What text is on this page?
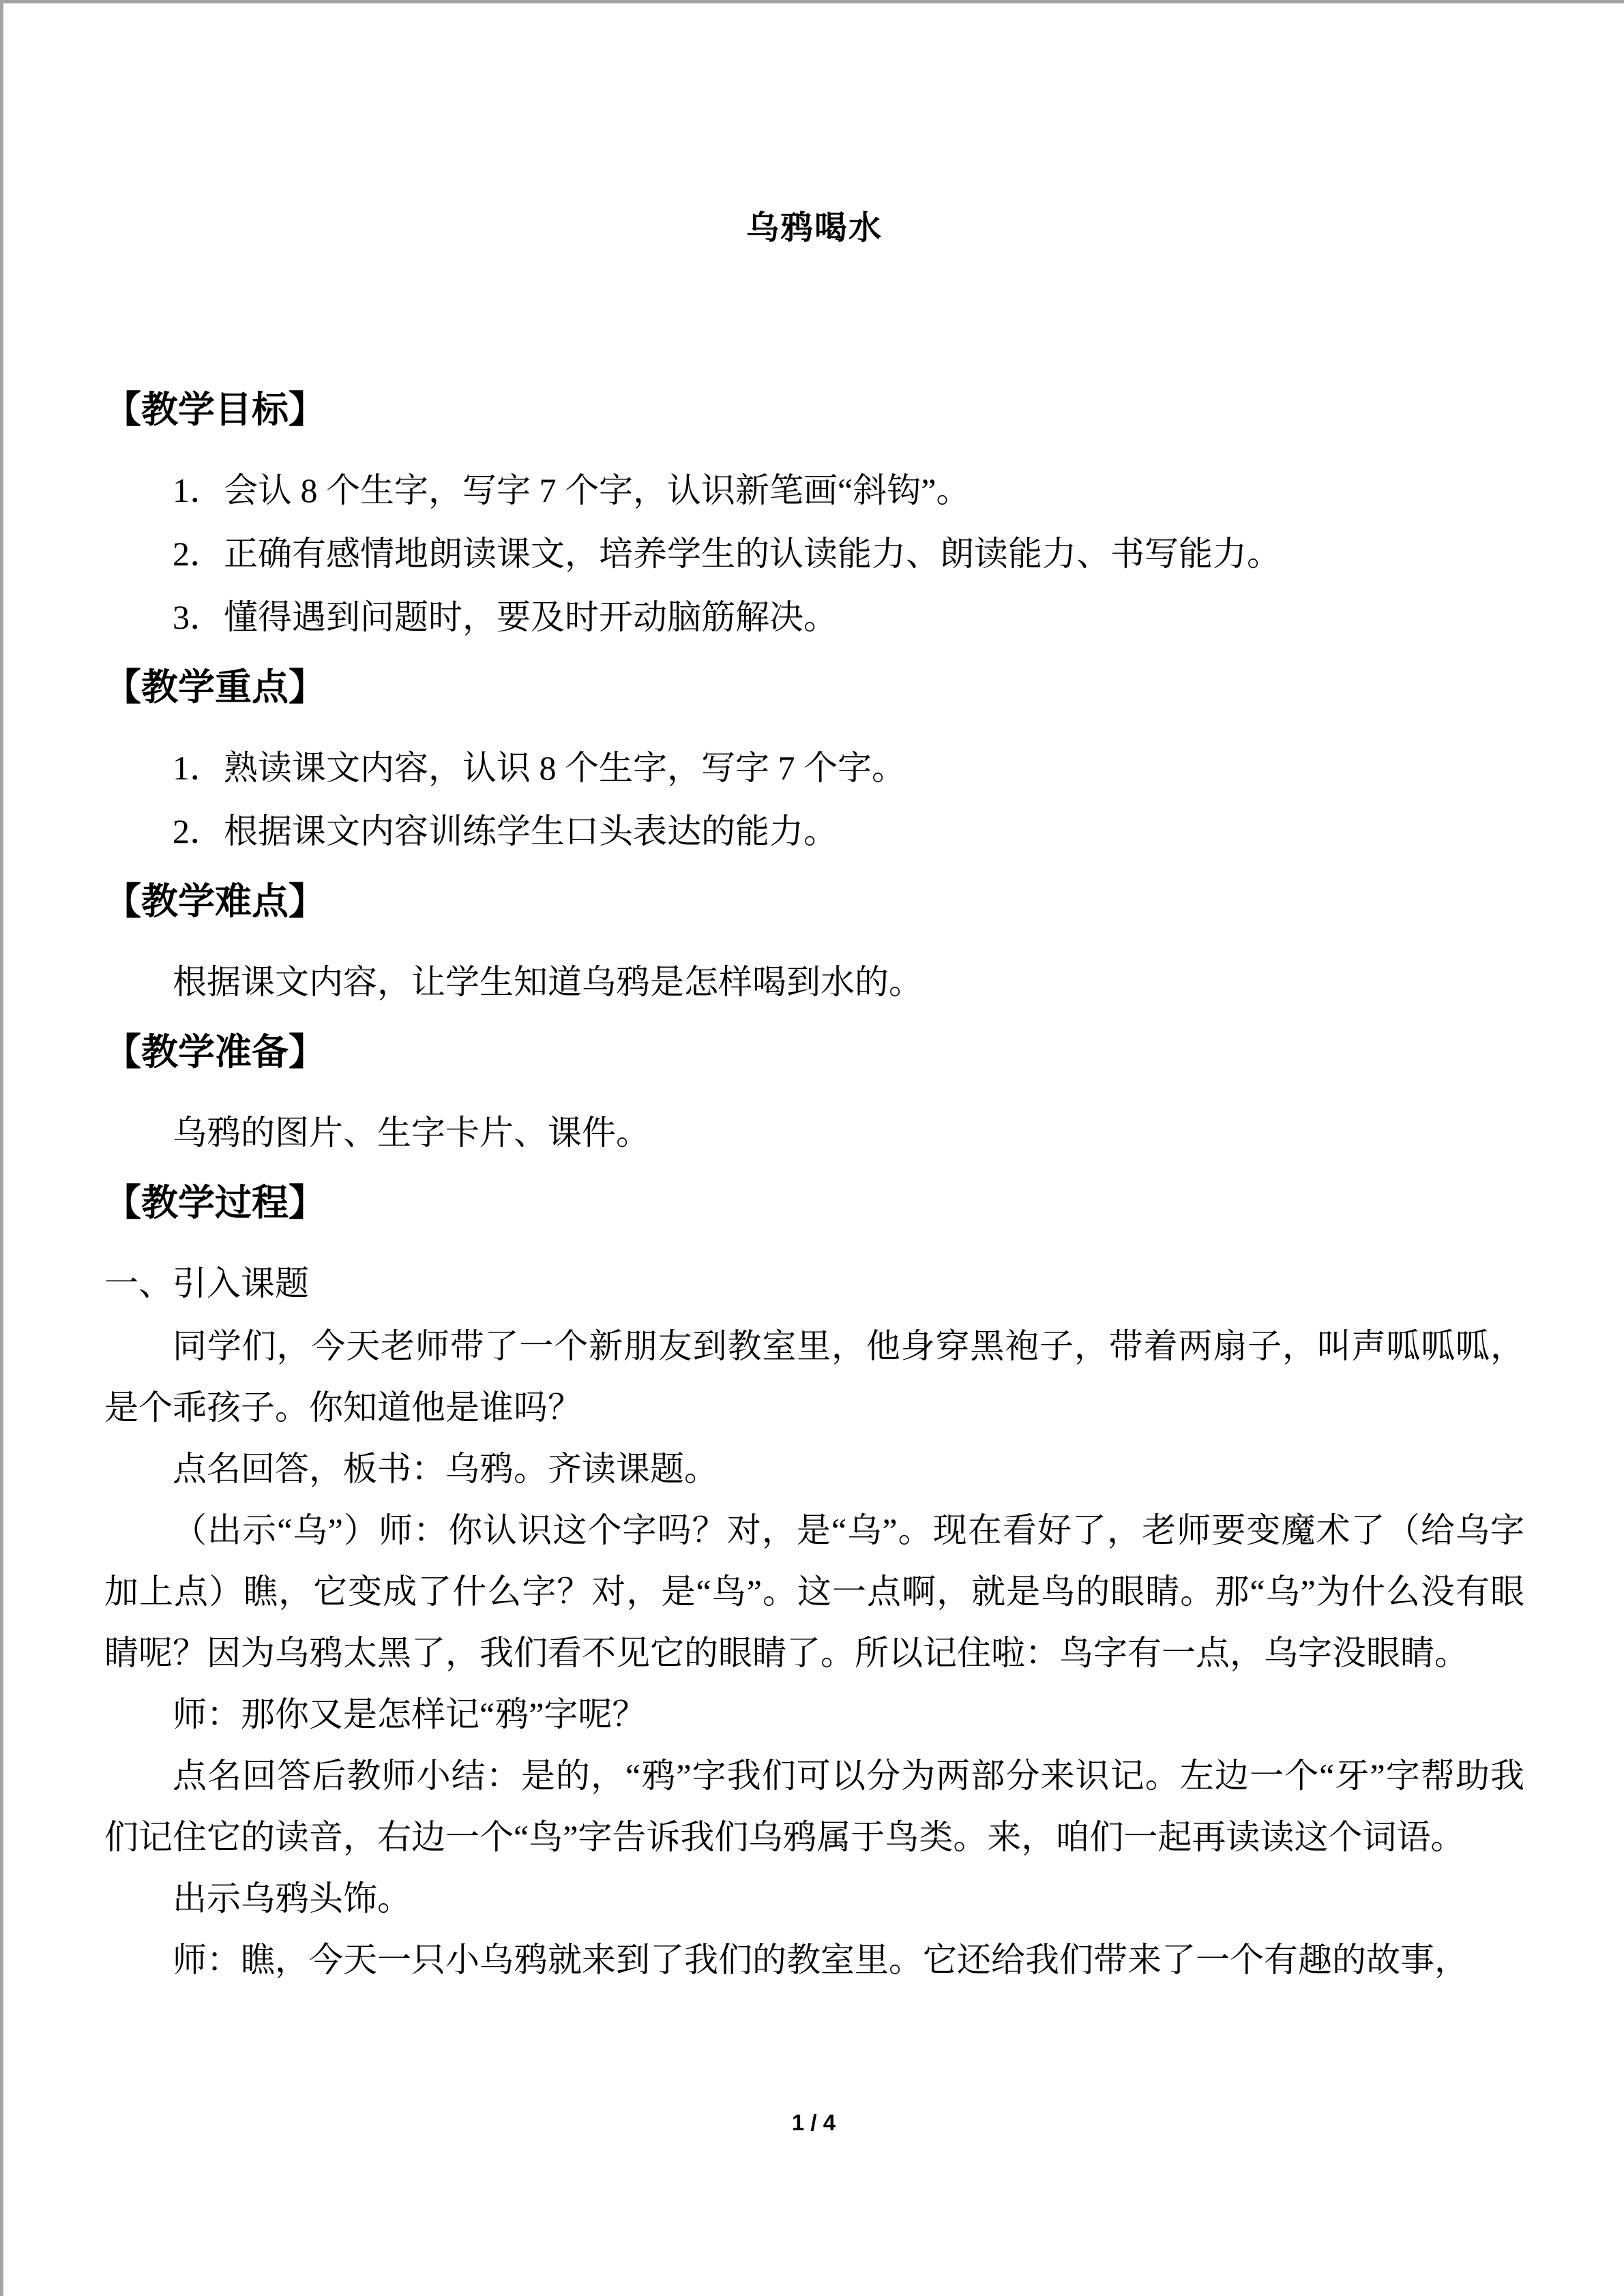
乌鸦喝水
【教学目标】

1．会认 8 个生字，写字 7 个字，认识新笔画“斜钩”。

2．正确有感情地朗读课文，培养学生的认读能力、朗读能力、书写能力。

3．懂得遇到问题时，要及时开动脑筋解决。

【教学重点】

1．熟读课文内容，认识 8 个生字，写字 7 个字。

2．根据课文内容训练学生口头表达的能力。

【教学难点】

根据课文内容，让学生知道乌鸦是怎样喝到水的。

【教学准备】

乌鸦的图片、生字卡片、课件。

【教学过程】

一、引入课题

同学们，今天老师带了一个新朋友到教室里，他身穿黑袍子，带着两扇子，叫声呱呱呱，是个乖孩子。你知道他是谁吗？

点名回答，板书：乌鸦。齐读课题。

（出示“乌”）师：你认识这个字吗？对，是“乌”。现在看好了，老师要变魔术了（给乌字加上点）瞧，它变成了什么字？对，是“鸟”。这一点啊，就是鸟的眼睛。那“乌”为什么没有眼睛呢？因为乌鸦太黑了，我们看不见它的眼睛了。所以记住啦：鸟字有一点，乌字没眼睛。

师：那你又是怎样记“鸦”字呢？

点名回答后教师小结：是的，“鸦”字我们可以分为两部分来识记。左边一个“牙”字帮助我们记住它的读音，右边一个“鸟”字告诉我们乌鸦属于鸟类。来，咱们一起再读读这个词语。

出示乌鸦头饰。

师：瞧，今天一只小乌鸦就来到了我们的教室里。它还给我们带来了一个有趣的故事，

1 / 4
